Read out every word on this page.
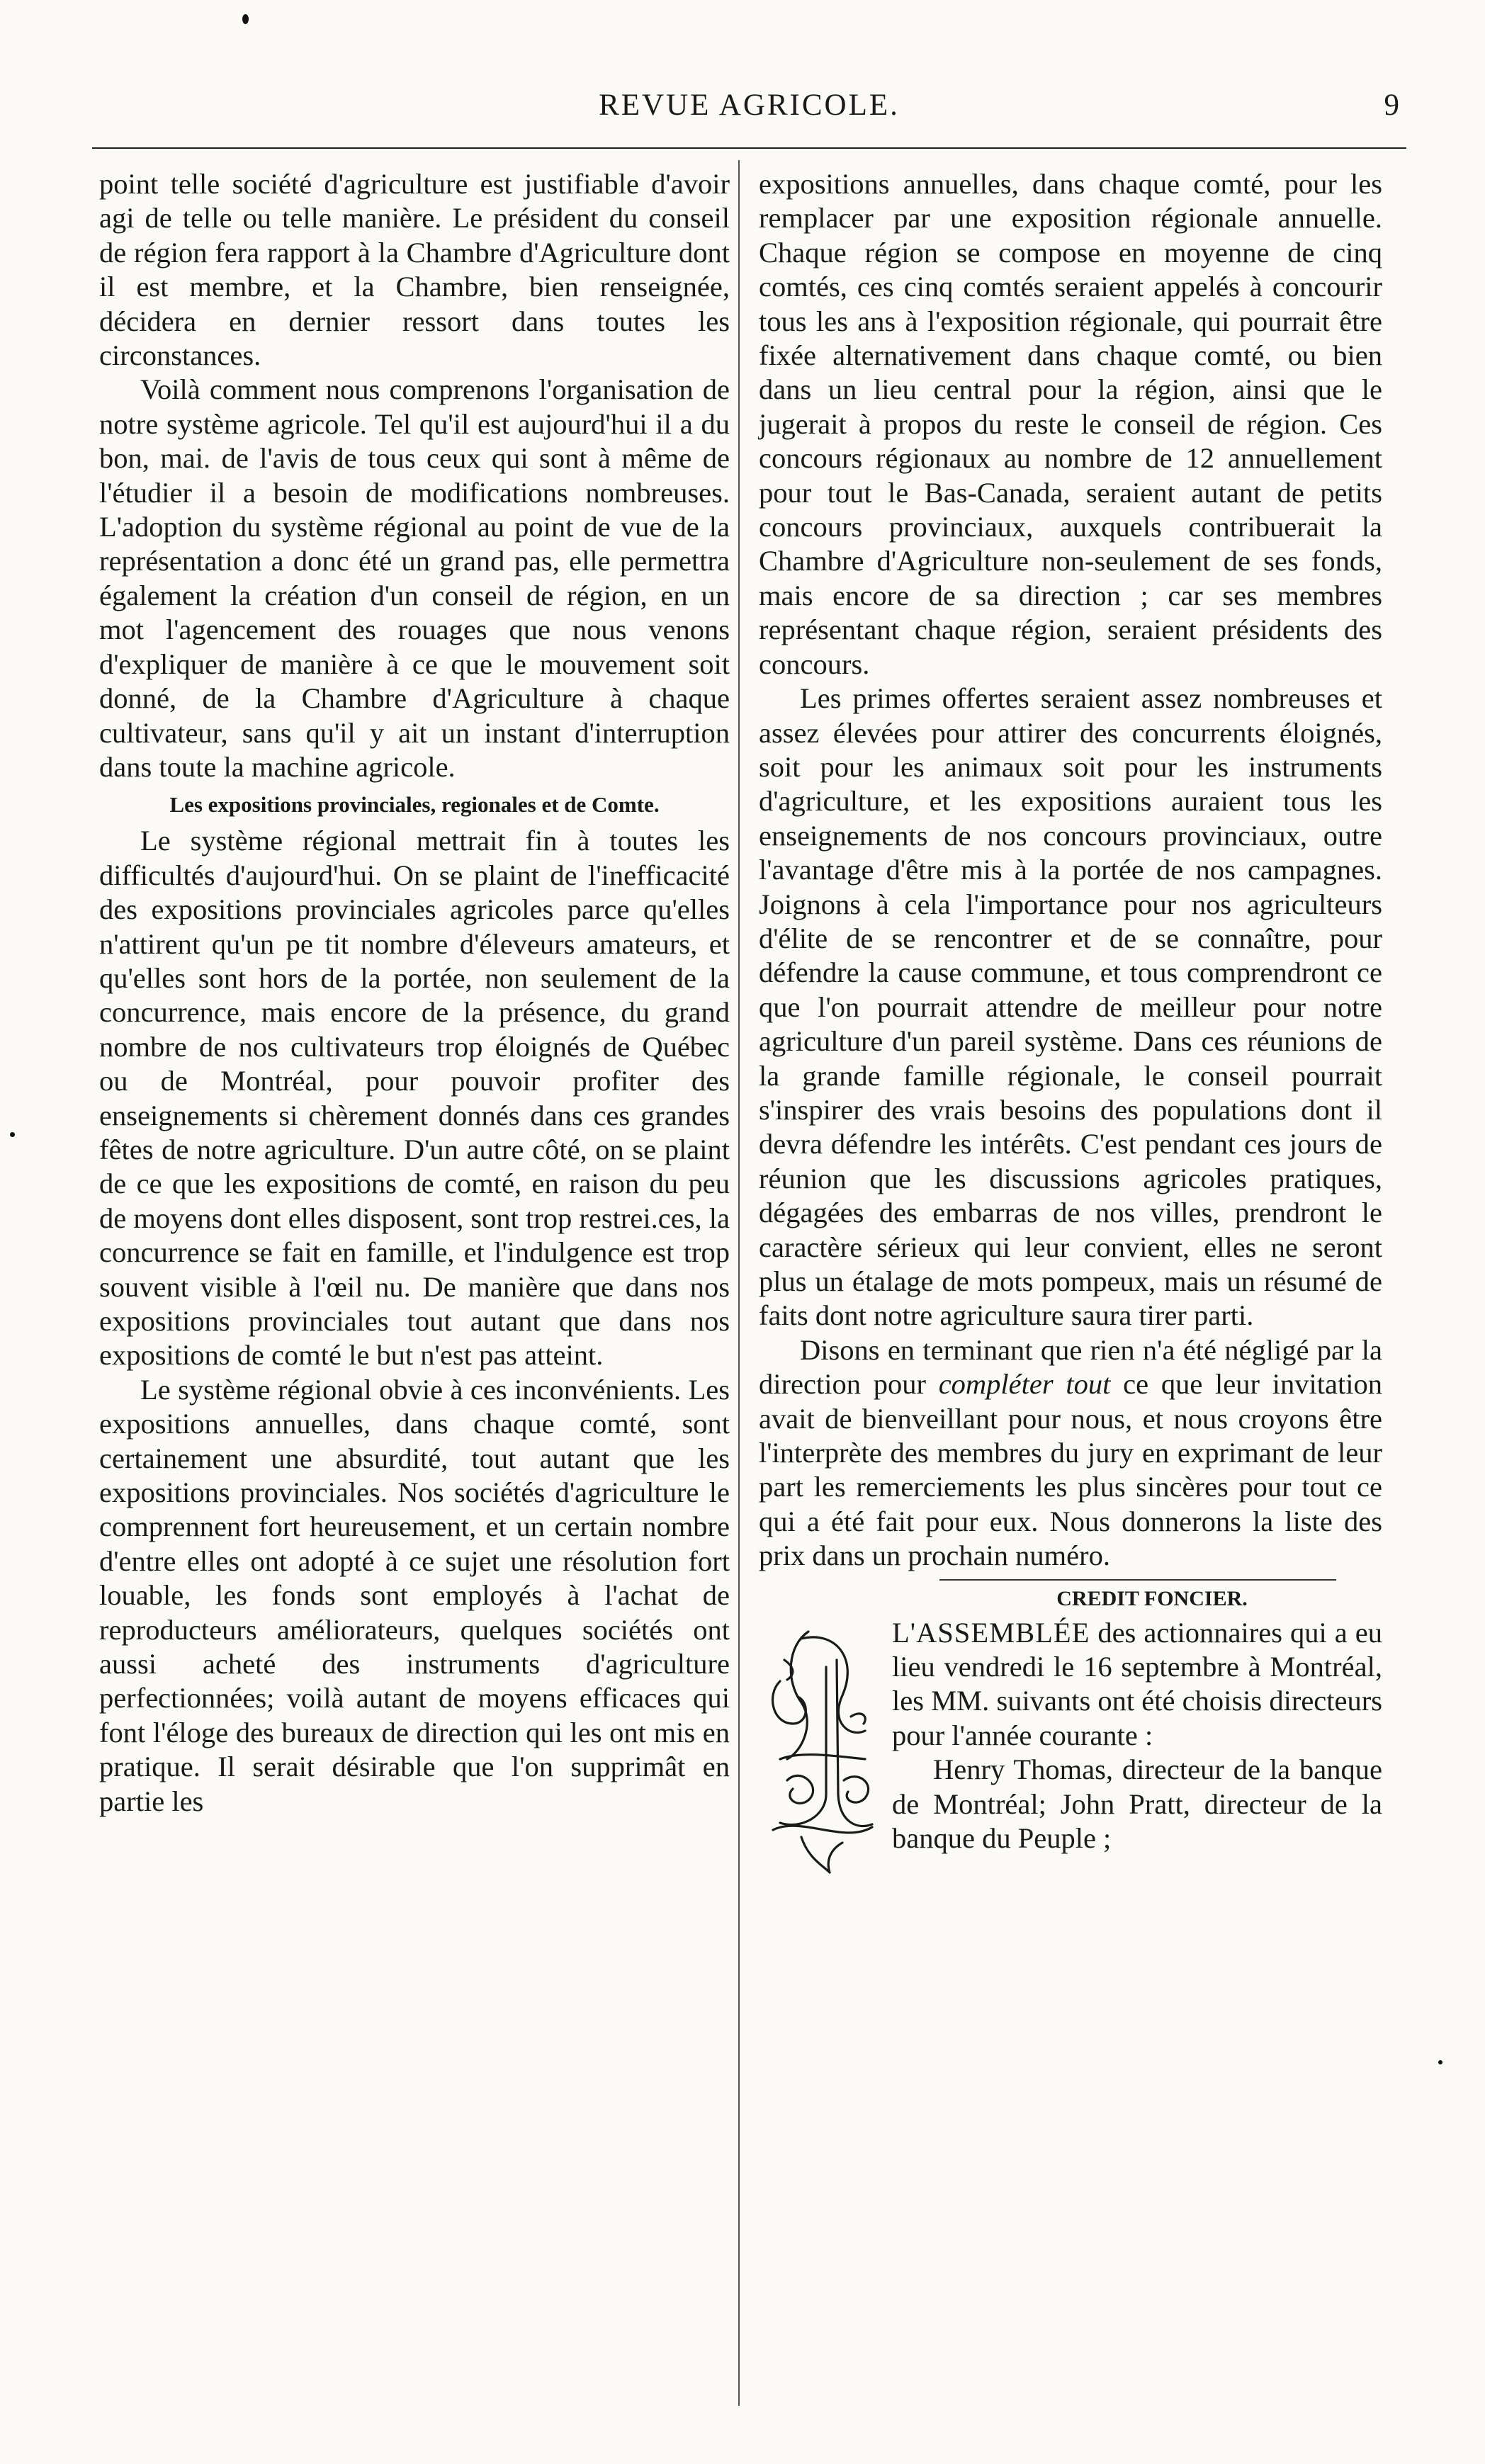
REVUE AGRICOLE.	9

point telle société d'agriculture est justifiable d'avoir agi de telle ou telle manière. Le président du conseil de région fera rapport à la Chambre d'Agriculture dont il est membre, et la Chambre, bien renseignée, décidera en dernier ressort dans toutes les circonstances.

Voilà comment nous comprenons l'organisation de notre système agricole. Tel qu'il est aujourd'hui il a du bon, mai. de l'avis de tous ceux qui sont à même de l'étudier il a besoin de modifications nombreuses. L'adoption du système régional au point de vue de la représentation a donc été un grand pas, elle permettra également la création d'un conseil de région, en un mot l'agencement des rouages que nous venons d'expliquer de manière à ce que le mouvement soit donné, de la Chambre d'Agriculture à chaque cultivateur, sans qu'il y ait un instant d'interruption dans toute la machine agricole.

Les expositions provinciales, regionales et de Comte.

Le système régional mettrait fin à toutes les difficultés d'aujourd'hui. On se plaint de l'inefficacité des expositions provinciales agricoles parce qu'elles n'attirent qu'un pe tit nombre d'éleveurs amateurs, et qu'elles sont hors de la portée, non seulement de la concurrence, mais encore de la présence, du grand nombre de nos cultivateurs trop éloignés de Québec ou de Montréal, pour pouvoir profiter des enseignements si chèrement donnés dans ces grandes fêtes de notre agriculture. D'un autre côté, on se plaint de ce que les expositions de comté, en raison du peu de moyens dont elles disposent, sont trop restrei.ces, la concurrence se fait en famille, et l'indulgence est trop souvent visible à l'œil nu. De manière que dans nos expositions provinciales tout autant que dans nos expositions de comté le but n'est pas atteint.

Le système régional obvie à ces inconvénients. Les expositions annuelles, dans chaque comté, sont certainement une absurdité, tout autant que les expositions provinciales. Nos sociétés d'agriculture le comprennent fort heureusement, et un certain nombre d'entre elles ont adopté à ce sujet une résolution fort louable, les fonds sont employés à l'achat de reproducteurs améliorateurs, quelques sociétés ont aussi acheté des instruments d'agriculture perfectionnées; voilà autant de moyens efficaces qui font l'éloge des bureaux de direction qui les ont mis en pratique. Il serait désirable que l'on supprimât en partie les

expositions annuelles, dans chaque comté, pour les remplacer par une exposition régionale annuelle. Chaque région se compose en moyenne de cinq comtés, ces cinq comtés seraient appelés à concourir tous les ans à l'exposition régionale, qui pourrait être fixée alternativement dans chaque comté, ou bien dans un lieu central pour la région, ainsi que le jugerait à propos du reste le conseil de région. Ces concours régionaux au nombre de 12 annuellement pour tout le Bas-Canada, seraient autant de petits concours provinciaux, auxquels contribuerait la Chambre d'Agriculture non-seulement de ses fonds, mais encore de sa direction ; car ses membres représentant chaque région, seraient présidents des concours.

Les primes offertes seraient assez nombreuses et assez élevées pour attirer des concurrents éloignés, soit pour les animaux soit pour les instruments d'agriculture, et les expositions auraient tous les enseignements de nos concours provinciaux, outre l'avantage d'être mis à la portée de nos campagnes. Joignons à cela l'importance pour nos agriculteurs d'élite de se rencontrer et de se connaître, pour défendre la cause commune, et tous comprendront ce que l'on pourrait attendre de meilleur pour notre agriculture d'un pareil système. Dans ces réunions de la grande famille régionale, le conseil pourrait s'inspirer des vrais besoins des populations dont il devra défendre les intérêts. C'est pendant ces jours de réunion que les discussions agricoles pratiques, dégagées des embarras de nos villes, prendront le caractère sérieux qui leur convient, elles ne seront plus un étalage de mots pompeux, mais un résumé de faits dont notre agriculture saura tirer parti.

Disons en terminant que rien n'a été négligé par la direction pour compléter tout ce que leur invitation avait de bienveillant pour nous, et nous croyons être l'interprète des membres du jury en exprimant de leur part les remerciements les plus sincères pour tout ce qui a été fait pour eux. Nous donnerons la liste des prix dans un prochain numéro.

CREDIT FONCIER.

L'ASSEMBLÉE des actionnaires qui a eu lieu vendredi le 16 septembre à Montréal, les MM. suivants ont été choisis directeurs pour l'année courante :

Henry Thomas, directeur de la banque de Montréal; John Pratt, directeur de la banque du Peuple ;
